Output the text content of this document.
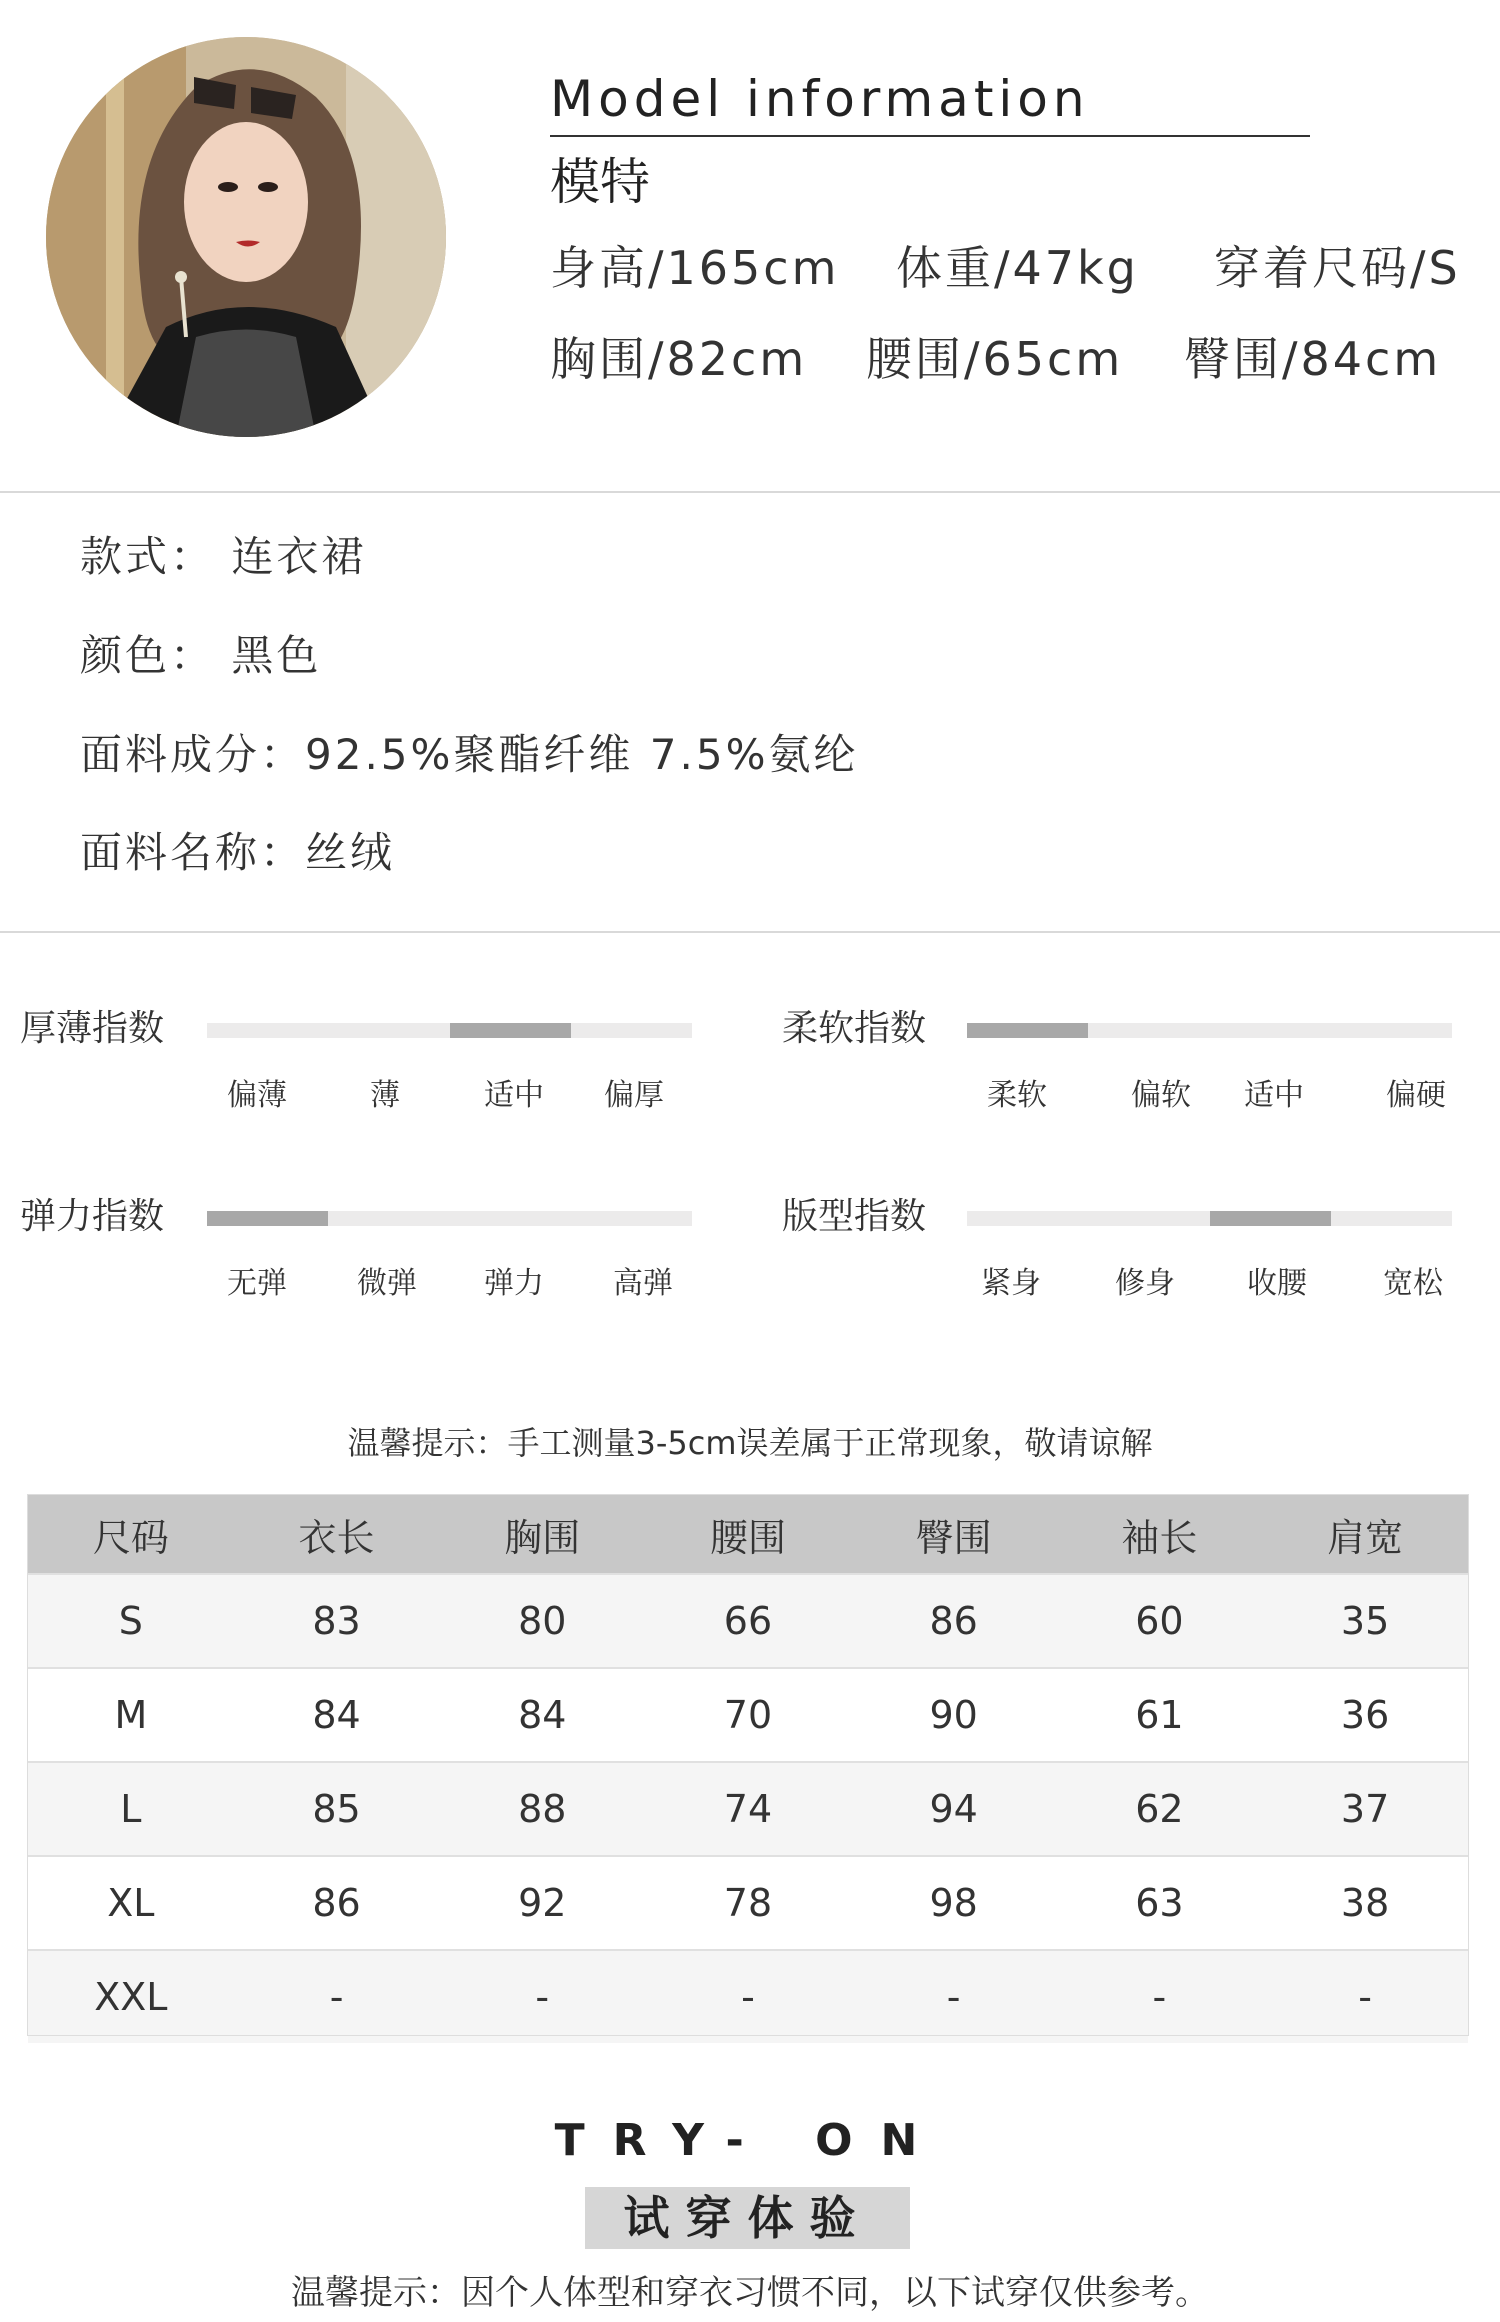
Model information
模特
身高/165cm 体重/47kg 穿着尺码/S
胸围/82cm 腰围/65cm 臀围/84cm
款式： 连衣裙
颜色： 黑色
面料成分：92.5%聚酯纤维 7.5%氨纶
面料名称：丝绒
厚薄指数
偏薄	薄	适中 偏厚
柔软指数
柔软	偏软 适中	偏硬
弹力指数
无弹 微弹 弹力 高弹
版型指数
紧身 修身 收腰	宽松
温馨提示：手工测量3-5cm误差属于正常现象，敬请谅解
尺码	衣长	胸围	腰围	臀围	袖长	肩宽
S	83	80	66	86	60	35
M	84	84	70	90	61	36
L	85	88	74	94	62	37
XL	86	92	78	98	63	38
XXL	-	-	-	-	-	-
TRY- ON
试穿体验
温馨提示：因个人体型和穿衣习惯不同，以下试穿仅供参考。
